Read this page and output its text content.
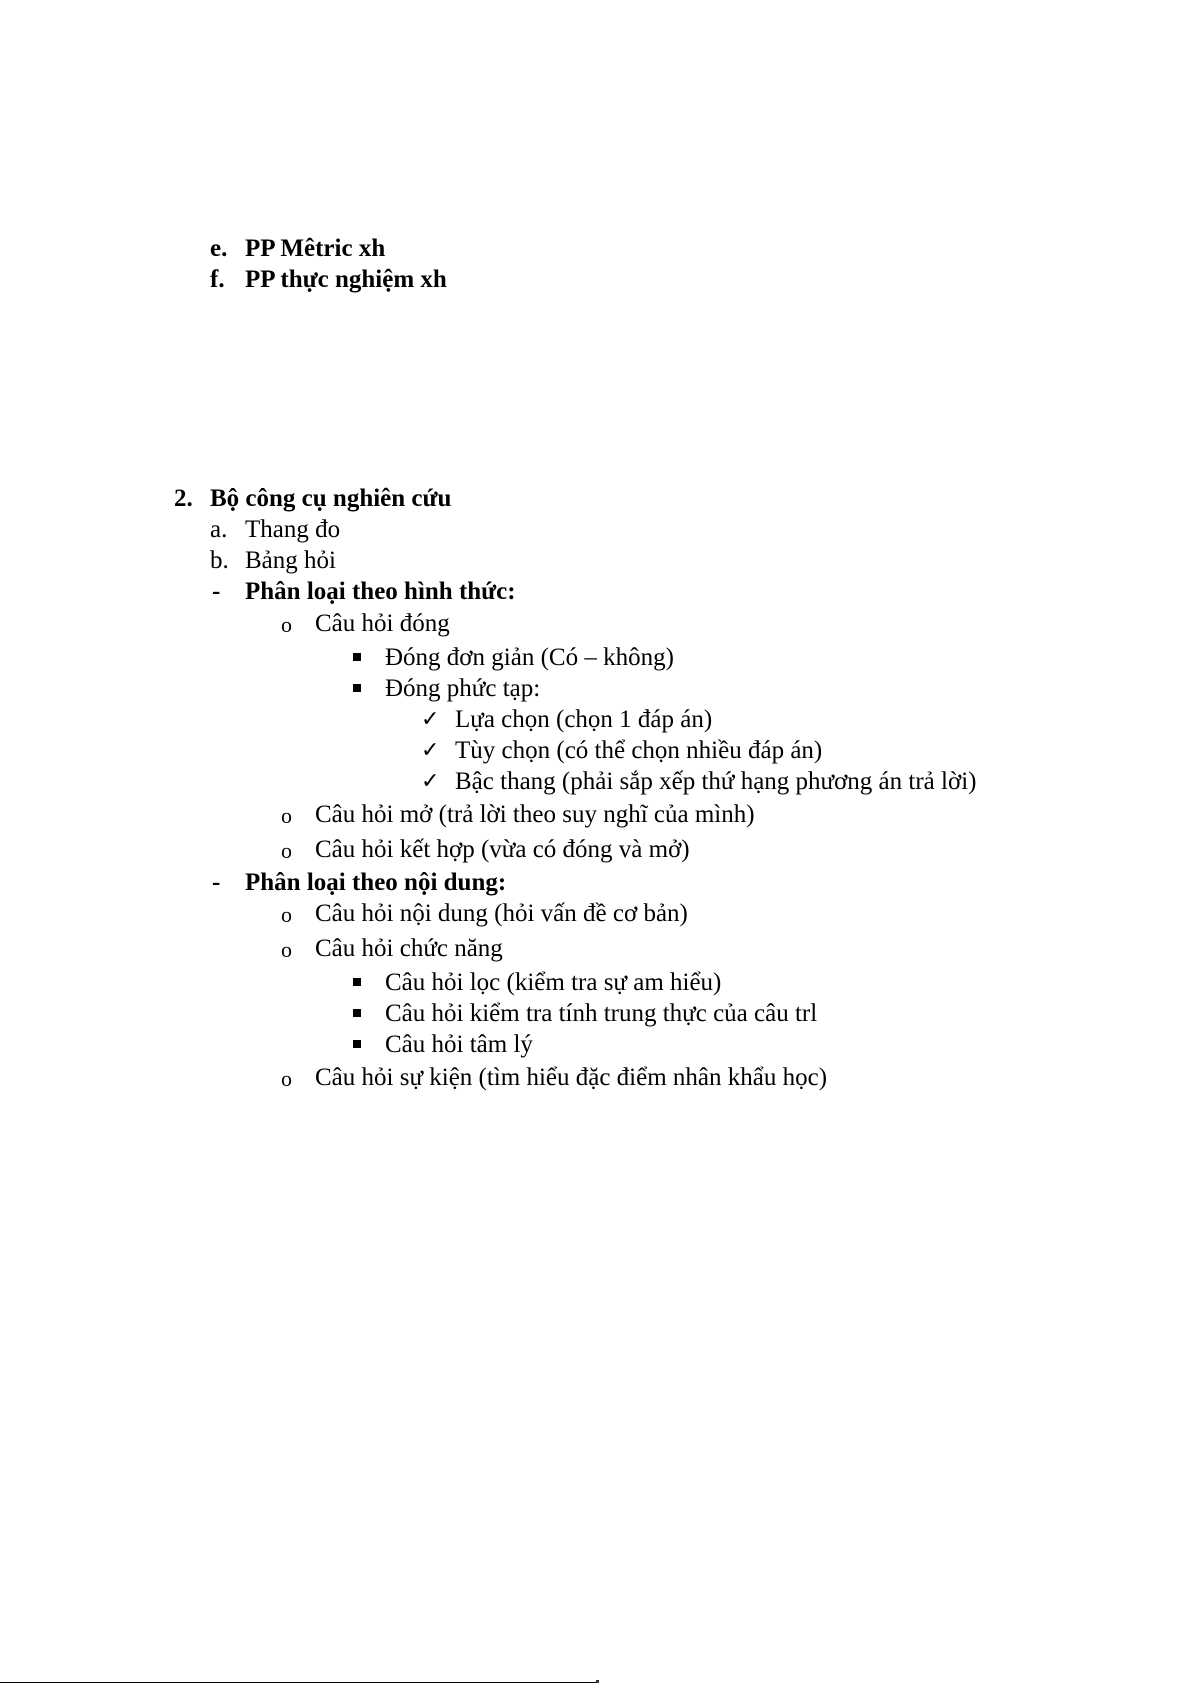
e. PP Mêtric xh
f. PP thực nghiệm xh
2. Bộ công cụ nghiên cứu
a. Thang đo
b. Bảng hỏi
- Phân loại theo hình thức:
o Câu hỏi đóng
Đóng đơn giản (Có – không)
Đóng phức tạp:
✓ Lựa chọn (chọn 1 đáp án)
✓ Tùy chọn (có thể chọn nhiều đáp án)
✓ Bậc thang (phải sắp xếp thứ hạng phương án trả lời)
o Câu hỏi mở (trả lời theo suy nghĩ của mình)
o Câu hỏi kết hợp (vừa có đóng và mở)
- Phân loại theo nội dung:
o Câu hỏi nội dung (hỏi vấn đề cơ bản)
o Câu hỏi chức năng
Câu hỏi lọc (kiểm tra sự am hiểu)
Câu hỏi kiểm tra tính trung thực của câu trl
Câu hỏi tâm lý
o Câu hỏi sự kiện (tìm hiểu đặc điểm nhân khẩu học)
